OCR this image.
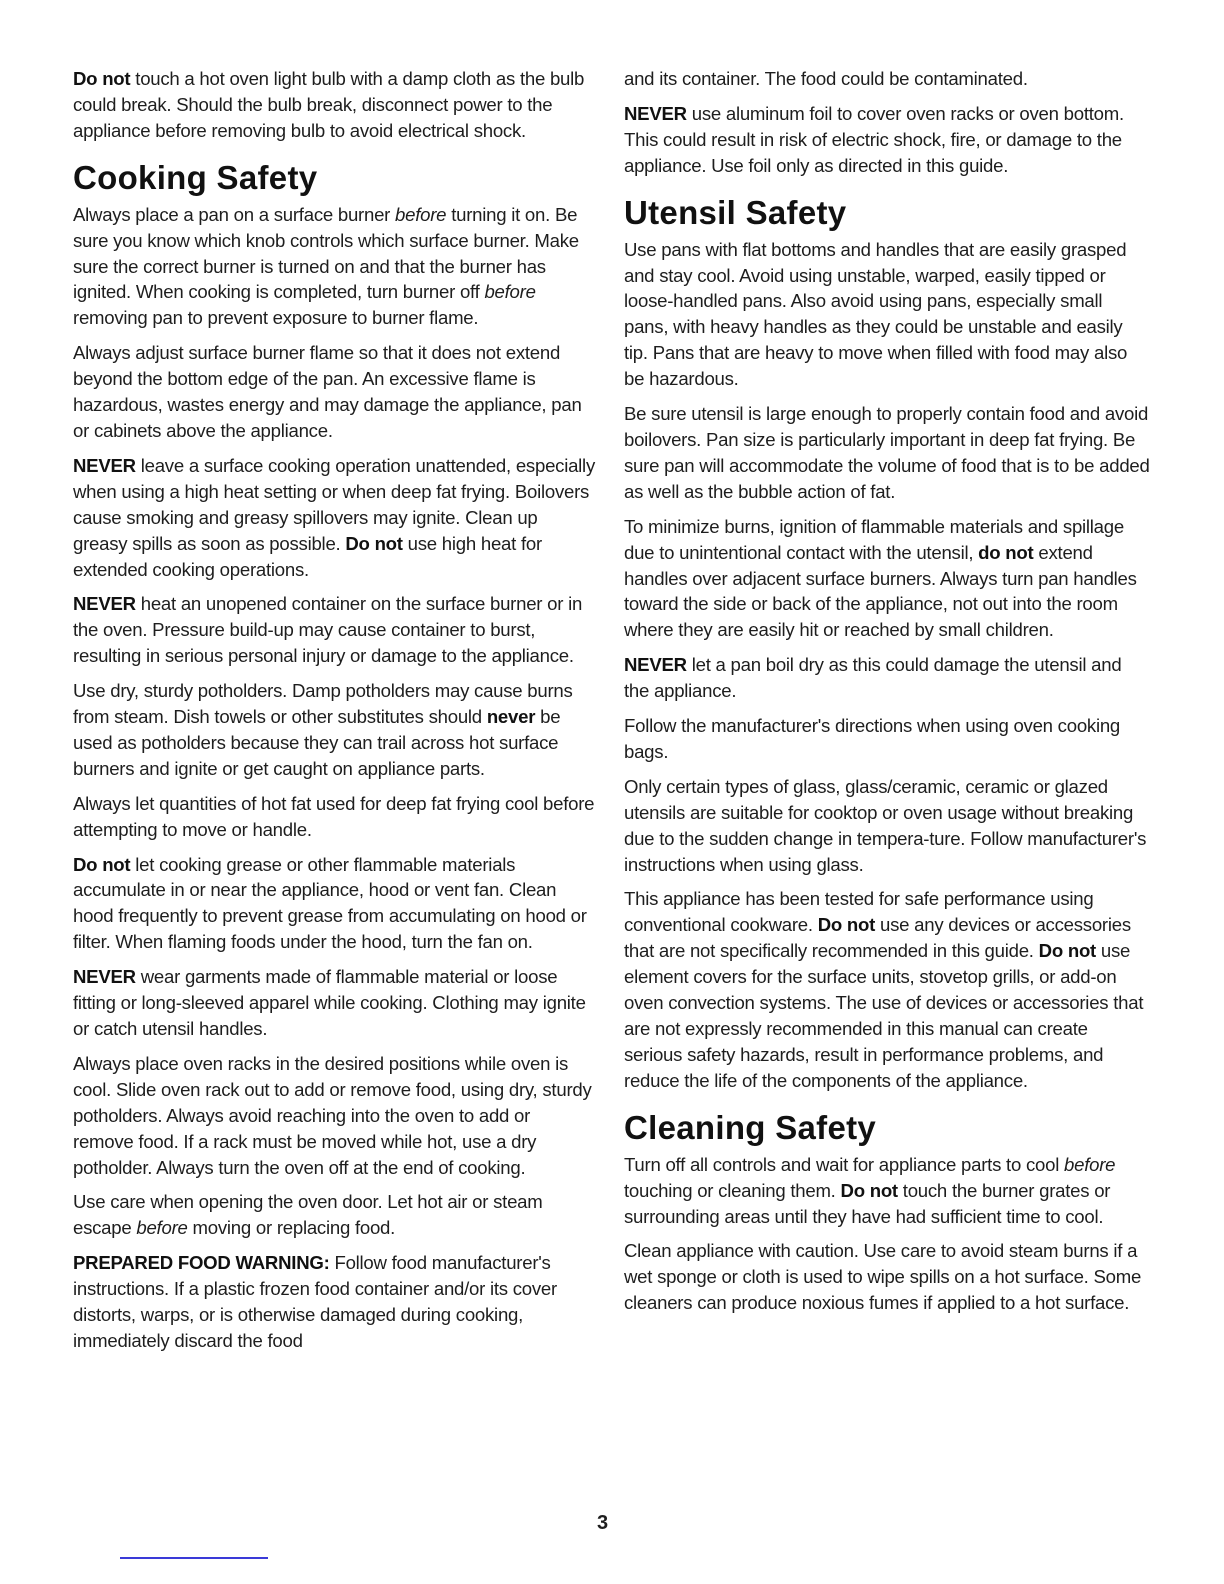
Do not touch a hot oven light bulb with a damp cloth as the bulb could break. Should the bulb break, disconnect power to the appliance before removing bulb to avoid electrical shock.

Cooking Safety

Always place a pan on a surface burner before turning it on. Be sure you know which knob controls which surface burner. Make sure the correct burner is turned on and that the burner has ignited. When cooking is completed, turn burner off before removing pan to prevent exposure to burner flame.

Always adjust surface burner flame so that it does not extend beyond the bottom edge of the pan. An excessive flame is hazardous, wastes energy and may damage the appliance, pan or cabinets above the appliance.

NEVER leave a surface cooking operation unattended, especially when using a high heat setting or when deep fat frying. Boilovers cause smoking and greasy spillovers may ignite. Clean up greasy spills as soon as possible. Do not use high heat for extended cooking operations.

NEVER heat an unopened container on the surface burner or in the oven. Pressure build-up may cause container to burst, resulting in serious personal injury or damage to the appliance.

Use dry, sturdy potholders. Damp potholders may cause burns from steam. Dish towels or other substitutes should never be used as potholders because they can trail across hot surface burners and ignite or get caught on appliance parts.

Always let quantities of hot fat used for deep fat frying cool before attempting to move or handle.

Do not let cooking grease or other flammable materials accumulate in or near the appliance, hood or vent fan. Clean hood frequently to prevent grease from accumulating on hood or filter. When flaming foods under the hood, turn the fan on.

NEVER wear garments made of flammable material or loose fitting or long-sleeved apparel while cooking. Clothing may ignite or catch utensil handles.

Always place oven racks in the desired positions while oven is cool. Slide oven rack out to add or remove food, using dry, sturdy potholders. Always avoid reaching into the oven to add or remove food. If a rack must be moved while hot, use a dry potholder. Always turn the oven off at the end of cooking.

Use care when opening the oven door. Let hot air or steam escape before moving or replacing food.

PREPARED FOOD WARNING: Follow food manufacturer's instructions. If a plastic frozen food container and/or its cover distorts, warps, or is otherwise damaged during cooking, immediately discard the food

and its container. The food could be contaminated.

NEVER use aluminum foil to cover oven racks or oven bottom. This could result in risk of electric shock, fire, or damage to the appliance. Use foil only as directed in this guide.

Utensil Safety

Use pans with flat bottoms and handles that are easily grasped and stay cool. Avoid using unstable, warped, easily tipped or loose-handled pans. Also avoid using pans, especially small pans, with heavy handles as they could be unstable and easily tip. Pans that are heavy to move when filled with food may also be hazardous.

Be sure utensil is large enough to properly contain food and avoid boilovers. Pan size is particularly important in deep fat frying. Be sure pan will accommodate the volume of food that is to be added as well as the bubble action of fat.

To minimize burns, ignition of flammable materials and spillage due to unintentional contact with the utensil, do not extend handles over adjacent surface burners. Always turn pan handles toward the side or back of the appliance, not out into the room where they are easily hit or reached by small children.

NEVER let a pan boil dry as this could damage the utensil and the appliance.

Follow the manufacturer's directions when using oven cooking bags.

Only certain types of glass, glass/ceramic, ceramic or glazed utensils are suitable for cooktop or oven usage without breaking due to the sudden change in tempera-ture. Follow manufacturer's instructions when using glass.

This appliance has been tested for safe performance using conventional cookware. Do not use any devices or accessories that are not specifically recommended in this guide. Do not use element covers for the surface units, stovetop grills, or add-on oven convection systems. The use of devices or accessories that are not expressly recommended in this manual can create serious safety hazards, result in performance problems, and reduce the life of the components of the appliance.

Cleaning Safety

Turn off all controls and wait for appliance parts to cool before touching or cleaning them. Do not touch the burner grates or surrounding areas until they have had sufficient time to cool.

Clean appliance with caution. Use care to avoid steam burns if a wet sponge or cloth is used to wipe spills on a hot surface. Some cleaners can produce noxious fumes if applied to a hot surface.

3
